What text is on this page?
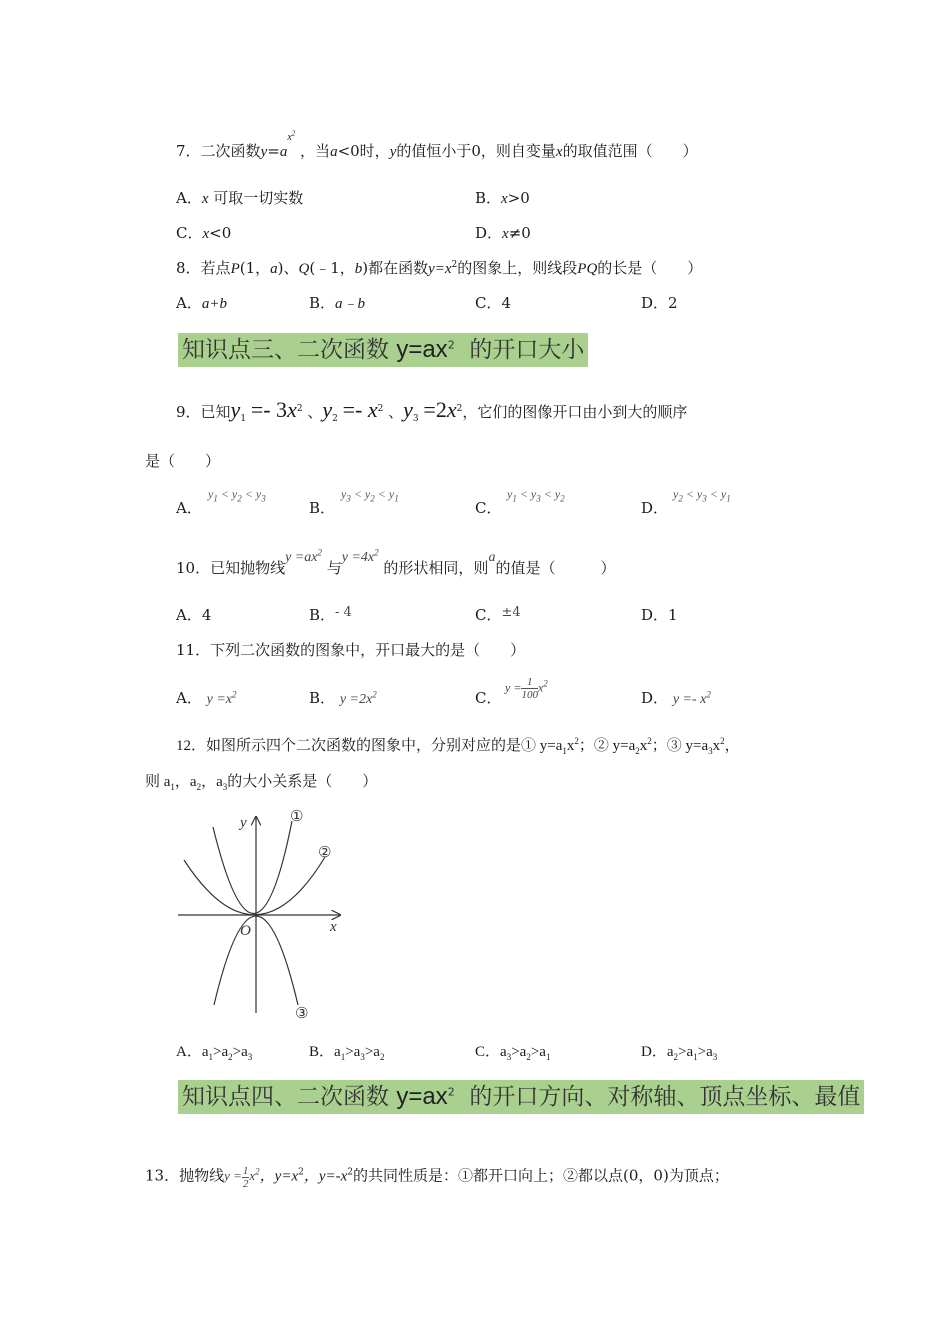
7．二次函数$y=a^{x^2}$ ，当a<0时，y的值恒小于0，则自变量x的取值范围（　　）
A．x 可取一切实数	B．x>0
C．x<0	D．x≠0
8．若点P(1，a)、Q(﹣1，b)都在函数$y=x^2$的图象上，则线段PQ的长是（　　）
A．a+b	B．a﹣b	C．4	D．2
知识点三、二次函数 $y=ax^2$ 的开口大小
9．已知$y_1 =- 3x^2$ 、$y_2 =- x^2$ 、$y_3 =2x^2$，它们的图像开口由小到大的顺序
是（　　）
A．
$y_1 < y_2 < y_3$
B．
$y_3 < y_2 < y_1$
C．
$y_1 < y_3 < y_2$
D．
$y_2 < y_3 < y_1$
10．已知抛物线$y =ax^2$ 与$y =4x^2$ 的形状相同，则a的值是（　　　）
A．4	B．- 4	C．±4	D．1
11．下列二次函数的图象中，开口最大的是（　　）
A． $y =x^2$	B． $y =2x^2$	C．
$y = \frac{1}{100} x^2$
D． $y =- x^2$
12．如图所示四个二次函数的图象中，分别对应的是① $y=a_1x^2$；② $y=a_2x^2$；③ $y=a_3x^2$，
则 $a_1$，$a_2$，$a_3$的大小关系是（　　）
y
x
O
①
②
③
A．$a_1>a_2>a_3$	B．$a_1>a_3>a_2$	C．$a_3>a_2>a_1$	D．$a_2>a_1>a_3$
知识点四、二次函数 $y=ax^2$ 的开口方向、对称轴、顶点坐标、最值
13．抛物线$y = \frac{1}{2} x^2$，$y=x^2$，$y=-x^2$的共同性质是：①都开口向上；②都以点(0，0)为顶点；
